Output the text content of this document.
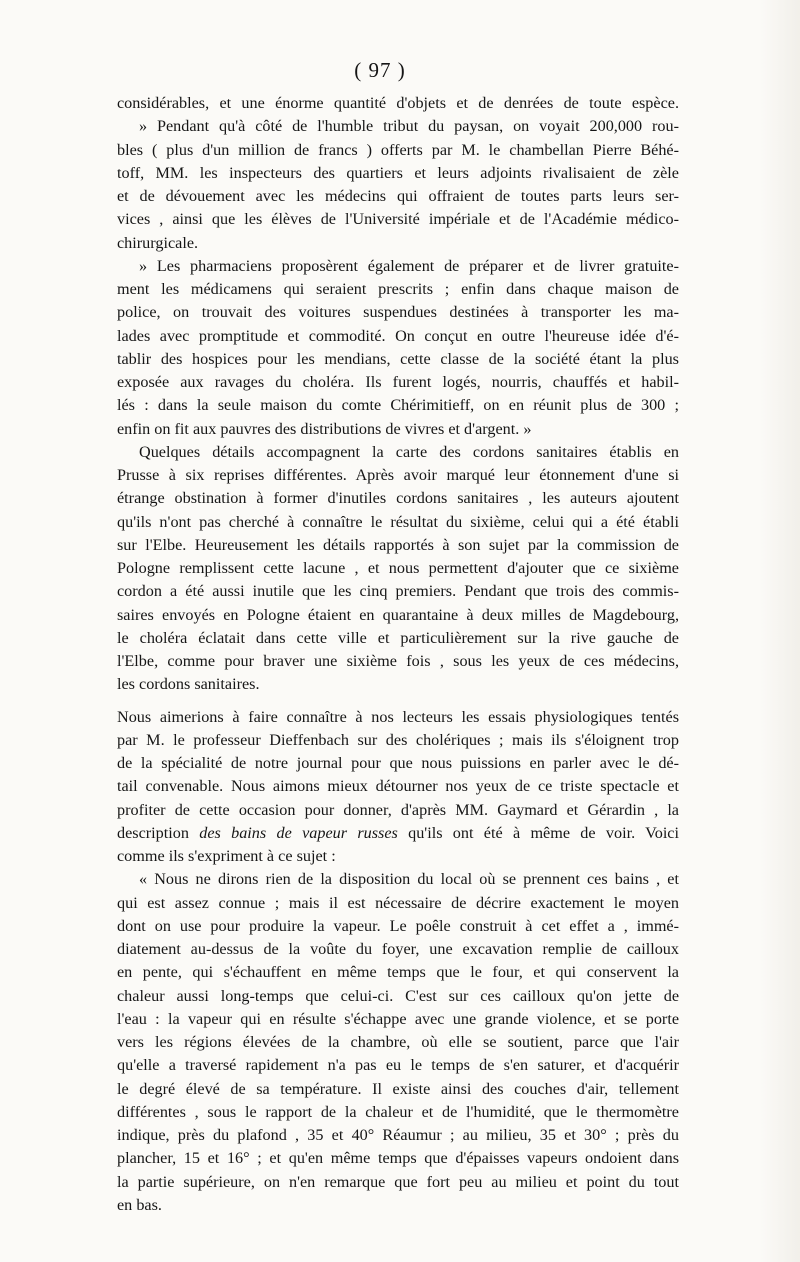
( 97 )
considérables, et une énorme quantité d'objets et de denrées de toute espèce.
» Pendant qu'à côté de l'humble tribut du paysan, on voyait 200,000 rou-
bles ( plus d'un million de francs ) offerts par M. le chambellan Pierre Béhé-
toff, MM. les inspecteurs des quartiers et leurs adjoints rivalisaient de zèle
et de dévouement avec les médecins qui offraient de toutes parts leurs ser-
vices , ainsi que les élèves de l'Université impériale et de l'Académie médico-
chirurgicale.
» Les pharmaciens proposèrent également de préparer et de livrer gratuite-
ment les médicamens qui seraient prescrits ; enfin dans chaque maison de
police, on trouvait des voitures suspendues destinées à transporter les ma-
lades avec promptitude et commodité. On conçut en outre l'heureuse idée d'é-
tablir des hospices pour les mendians, cette classe de la société étant la plus
exposée aux ravages du choléra. Ils furent logés, nourris, chauffés et habil-
lés : dans la seule maison du comte Chérimitieff, on en réunit plus de 300 ;
enfin on fit aux pauvres des distributions de vivres et d'argent. »
Quelques détails accompagnent la carte des cordons sanitaires établis en
Prusse à six reprises différentes. Après avoir marqué leur étonnement d'une si
étrange obstination à former d'inutiles cordons sanitaires , les auteurs ajoutent
qu'ils n'ont pas cherché à connaître le résultat du sixième, celui qui a été établi
sur l'Elbe. Heureusement les détails rapportés à son sujet par la commission de
Pologne remplissent cette lacune , et nous permettent d'ajouter que ce sixième
cordon a été aussi inutile que les cinq premiers. Pendant que trois des commis-
saires envoyés en Pologne étaient en quarantaine à deux milles de Magdebourg,
le choléra éclatait dans cette ville et particulièrement sur la rive gauche de
l'Elbe, comme pour braver une sixième fois , sous les yeux de ces médecins,
les cordons sanitaires.
Nous aimerions à faire connaître à nos lecteurs les essais physiologiques tentés
par M. le professeur Dieffenbach sur des cholériques ; mais ils s'éloignent trop
de la spécialité de notre journal pour que nous puissions en parler avec le dé-
tail convenable. Nous aimons mieux détourner nos yeux de ce triste spectacle et
profiter de cette occasion pour donner, d'après MM. Gaymard et Gérardin , la
description des bains de vapeur russes qu'ils ont été à même de voir. Voici
comme ils s'expriment à ce sujet :
« Nous ne dirons rien de la disposition du local où se prennent ces bains , et
qui est assez connue ; mais il est nécessaire de décrire exactement le moyen
dont on use pour produire la vapeur. Le poêle construit à cet effet a , immé-
diatement au-dessus de la voûte du foyer, une excavation remplie de cailloux
en pente, qui s'échauffent en même temps que le four, et qui conservent la
chaleur aussi long-temps que celui-ci. C'est sur ces cailloux qu'on jette de
l'eau : la vapeur qui en résulte s'échappe avec une grande violence, et se porte
vers les régions élevées de la chambre, où elle se soutient, parce que l'air
qu'elle a traversé rapidement n'a pas eu le temps de s'en saturer, et d'acquérir
le degré élevé de sa température. Il existe ainsi des couches d'air, tellement
différentes , sous le rapport de la chaleur et de l'humidité, que le thermomètre
indique, près du plafond , 35 et 40° Réaumur ; au milieu, 35 et 30° ; près du
plancher, 15 et 16° ; et qu'en même temps que d'épaisses vapeurs ondoient dans
la partie supérieure, on n'en remarque que fort peu au milieu et point du tout
en bas.
